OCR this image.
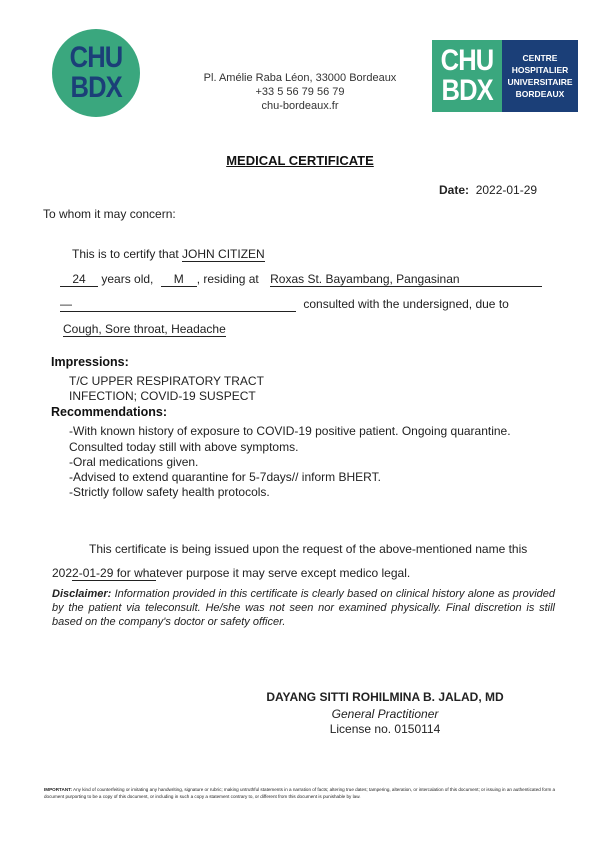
CHU
BDX	Pl. Amélie Raba Léon, 33000 Bordeaux
+33 5 56 79 56 79
chu-bordeaux.fr
CHU
BDX
CENTRE
HOSPITALIER
UNIVERSITAIRE
BORDEAUX
MEDICAL CERTIFICATE
Date: 2022-01-29
To whom it may concern:
This is to certify that JOHN CITIZEN
24 years old, M , residing at Roxas St. Bayambang, Pangasinan
—	consulted with the undersigned, due to
Cough, Sore throat, Headache
Impressions:
T/C UPPER RESPIRATORY TRACT
INFECTION; COVID-19 SUSPECT
Recommendations:
-With known history of exposure to COVID-19 positive patient. Ongoing quarantine.
Consulted today still with above symptoms.
-Oral medications given.
-Advised to extend quarantine for 5-7days// inform BHERT.
-Strictly follow safety health protocols.
This certificate is being issued upon the request of the above-mentioned name this
2022-01-29 for whatever purpose it may serve except medico legal.
Disclaimer: Information provided in this certificate is clearly based on clinical history alone as provided by the patient via teleconsult. He/she was not seen nor examined physically. Final discretion is still based on the company's doctor or safety officer.
DAYANG SITTI ROHILMINA B. JALAD, MD
General Practitioner
License no. 0150114
IMPORTANT: Any kind of counterfeiting or imitating any handwriting, signature or rubric; making untruthful statements in a narration of facts; altering true dates; tampering, alteration, or intercalation of this document; or issuing in an authenticated form a document purporting to be a copy of this document, or including in such a copy a statement contrary to, or different from this document is punishable by law.
